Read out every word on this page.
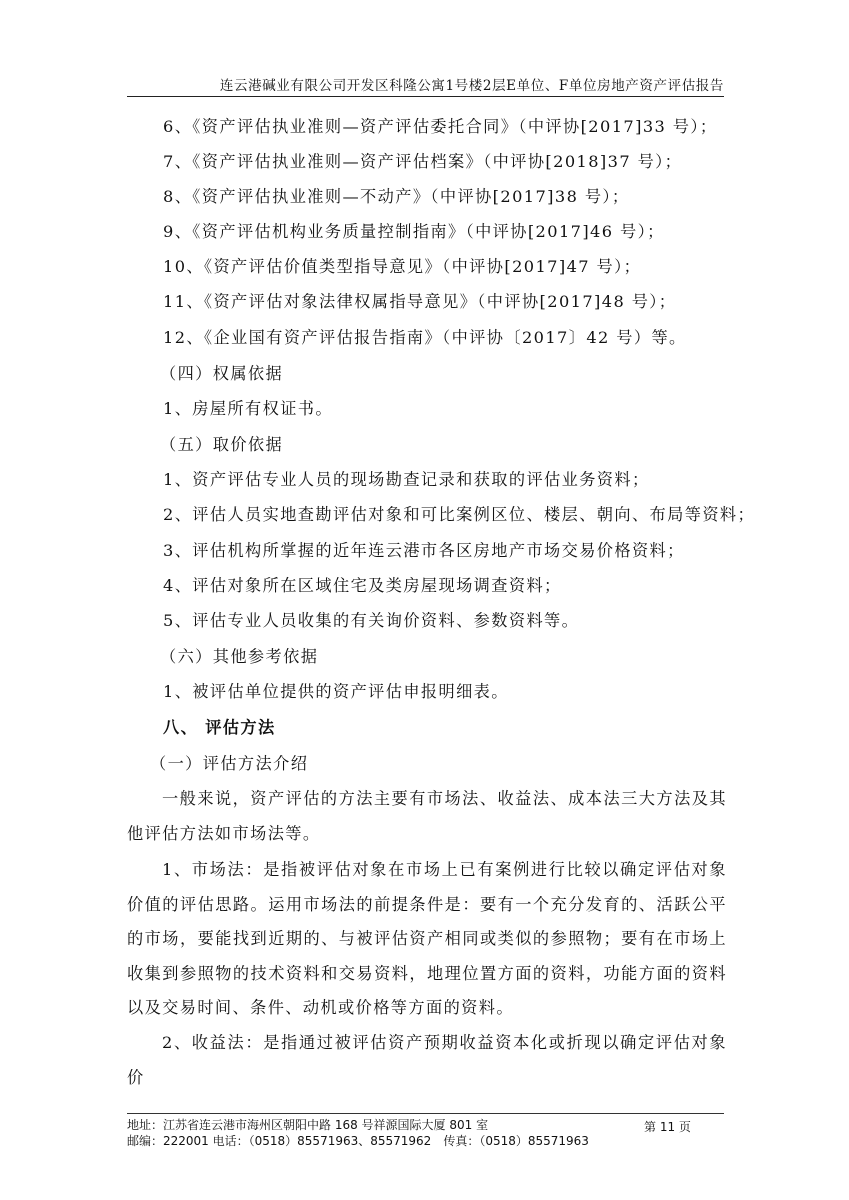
连云港碱业有限公司开发区科隆公寓1号楼2层E单位、F单位房地产资产评估报告
6、《资产评估执业准则—资产评估委托合同》（中评协[2017]33 号）；
7、《资产评估执业准则—资产评估档案》（中评协[2018]37 号）；
8、《资产评估执业准则—不动产》（中评协[2017]38 号）；
9、《资产评估机构业务质量控制指南》（中评协[2017]46 号）；
10、《资产评估价值类型指导意见》（中评协[2017]47 号）；
11、《资产评估对象法律权属指导意见》（中评协[2017]48 号）；
12、《企业国有资产评估报告指南》（中评协〔2017〕42 号）等。
（四）权属依据
1、房屋所有权证书。
（五）取价依据
1、资产评估专业人员的现场勘查记录和获取的评估业务资料；
2、评估人员实地查勘评估对象和可比案例区位、楼层、朝向、布局等资料；
3、评估机构所掌握的近年连云港市各区房地产市场交易价格资料；
4、评估对象所在区域住宅及类房屋现场调查资料；
5、评估专业人员收集的有关询价资料、参数资料等。
（六）其他参考依据
1、被评估单位提供的资产评估申报明细表。
八、 评估方法
（一）评估方法介绍
一般来说，资产评估的方法主要有市场法、收益法、成本法三大方法及其他评估方法如市场法等。
1、市场法：是指被评估对象在市场上已有案例进行比较以确定评估对象价值的评估思路。运用市场法的前提条件是：要有一个充分发育的、活跃公平的市场，要能找到近期的、与被评估资产相同或类似的参照物；要有在市场上收集到参照物的技术资料和交易资料，地理位置方面的资料，功能方面的资料以及交易时间、条件、动机或价格等方面的资料。
2、收益法：是指通过被评估资产预期收益资本化或折现以确定评估对象价
地址：江苏省连云港市海州区朝阳中路 168 号祥源国际大厦 801 室
邮编：222001 电话：（0518）85571963、85571962　传真：（0518）85571963
第 11 页
